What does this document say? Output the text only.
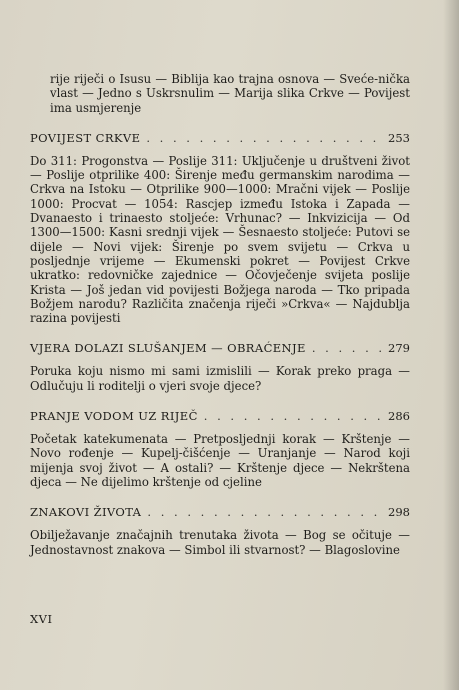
rije riječi o Isusu — Biblija kao trajna osnova — Sveće-nička vlast — Jedno s Uskrsnulim — Marija slika Crkve — Povijest ima usmjerenje
POVIJEST CRKVE . . .	253
Do 311: Progonstva — Poslije 311: Uključenje u društveni život — Poslije otprilike 400: Širenje među germanskim narodima — Crkva na Istoku — Otprilike 900—1000: Mračni vijek — Poslije 1000: Procvat — 1054: Rascjep između Istoka i Zapada — Dvanaesto i trinaesto stoljeće: Vrhunac? — Inkvizicija — Od 1300—1500: Kasni srednji vijek — Šesnaesto stoljeće: Putovi se dijele — Novi vijek: Širenje po svem svijetu — Crkva u posljednje vrijeme — Ekumenski pokret — Povijest Crkve ukratko: redovničke zajednice — Očovječenje svijeta poslije Krista — Još jedan vid povijesti Božjega naroda — Tko pripada Božjem narodu? Različita značenja riječi »Crkva« — Najdublja razina povijesti
VJERA DOLAZI SLUŠANJEM — OBRAĆENJE . . .	279
Poruka koju nismo mi sami izmislili — Korak preko praga — Odlučuju li roditelji o vjeri svoje djece?
PRANJE VODOM UZ RIJEČ . . .	286
Početak katekumenata — Pretposljednji korak — Krštenje — Novo rođenje — Kupelj-čišćenje — Uranjanje — Narod koji mijenja svoj život — A ostali? — Krštenje djece — Nekrštena djeca — Ne dijelimo krštenje od cjeline
ZNAKOVI ŽIVOTA . . .	298
Obilježavanje značajnih trenutaka života — Bog se očituje — Jednostavnost znakova — Simbol ili stvarnost? — Blagoslovine
XVI
